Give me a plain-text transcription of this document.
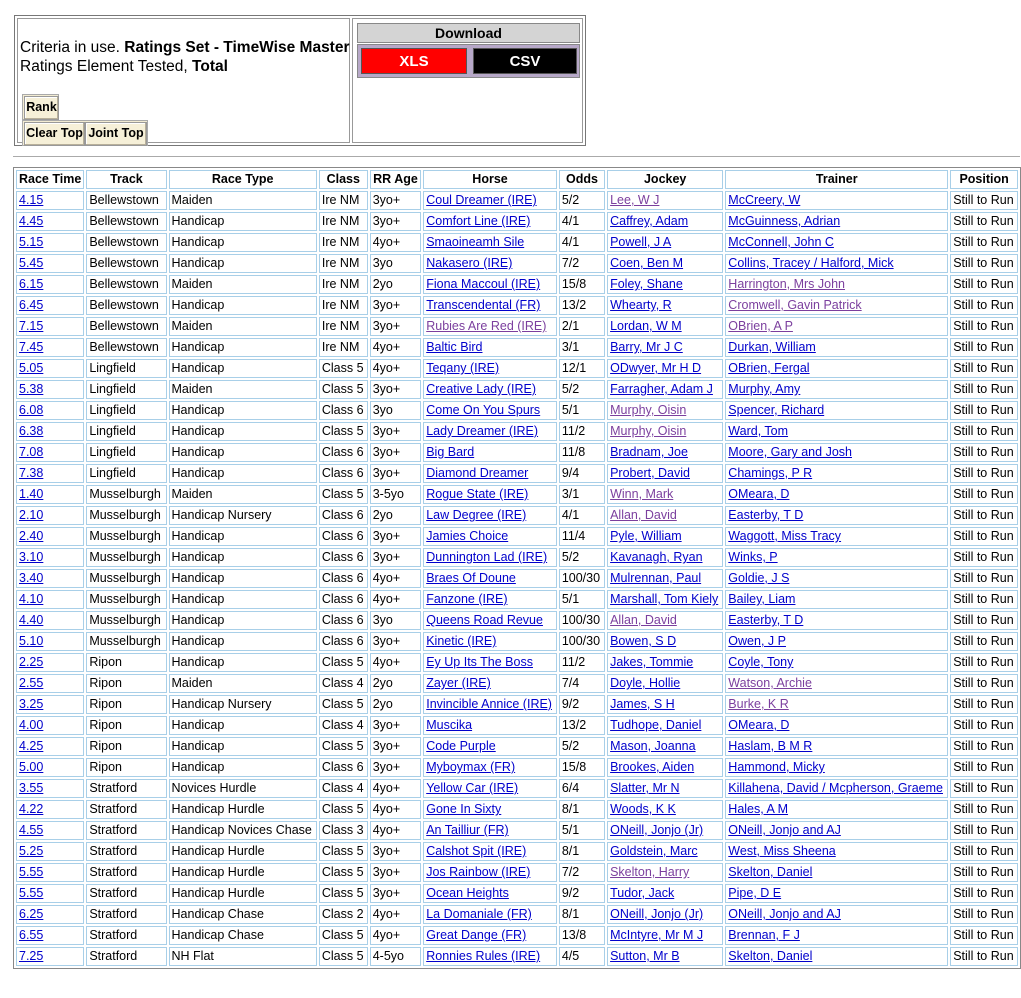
Criteria in use. Ratings Set - TimeWise Master
Ratings Element Tested, Total
Rank
Clear Top Joint Top
Download
XLS	CSV
Race Time	Track	Race Type	Class	RR Age	Horse	Odds	Jockey	Trainer	Position
4.15	Bellewstown	Maiden	Ire NM	3yo+	Coul Dreamer (IRE)	5/2	Lee, W J	McCreery, W	Still to Run
4.45	Bellewstown	Handicap	Ire NM	3yo+	Comfort Line (IRE)	4/1	Caffrey, Adam	McGuinness, Adrian	Still to Run
5.15	Bellewstown	Handicap	Ire NM	4yo+	Smaoineamh Sile	4/1	Powell, J A	McConnell, John C	Still to Run
5.45	Bellewstown	Handicap	Ire NM	3yo	Nakasero (IRE)	7/2	Coen, Ben M	Collins, Tracey / Halford, Mick	Still to Run
6.15	Bellewstown	Maiden	Ire NM	2yo	Fiona Maccoul (IRE)	15/8	Foley, Shane	Harrington, Mrs John	Still to Run
6.45	Bellewstown	Handicap	Ire NM	3yo+	Transcendental (FR)	13/2	Whearty, R	Cromwell, Gavin Patrick	Still to Run
7.15	Bellewstown	Maiden	Ire NM	3yo+	Rubies Are Red (IRE)	2/1	Lordan, W M	OBrien, A P	Still to Run
7.45	Bellewstown	Handicap	Ire NM	4yo+	Baltic Bird	3/1	Barry, Mr J C	Durkan, William	Still to Run
5.05	Lingfield	Handicap	Class 5	4yo+	Teqany (IRE)	12/1	ODwyer, Mr H D	OBrien, Fergal	Still to Run
5.38	Lingfield	Maiden	Class 5	3yo+	Creative Lady (IRE)	5/2	Farragher, Adam J	Murphy, Amy	Still to Run
6.08	Lingfield	Handicap	Class 6	3yo	Come On You Spurs	5/1	Murphy, Oisin	Spencer, Richard	Still to Run
6.38	Lingfield	Handicap	Class 5	3yo+	Lady Dreamer (IRE)	11/2	Murphy, Oisin	Ward, Tom	Still to Run
7.08	Lingfield	Handicap	Class 6	3yo+	Big Bard	11/8	Bradnam, Joe	Moore, Gary and Josh	Still to Run
7.38	Lingfield	Handicap	Class 6	3yo+	Diamond Dreamer	9/4	Probert, David	Chamings, P R	Still to Run
1.40	Musselburgh	Maiden	Class 5	3-5yo	Rogue State (IRE)	3/1	Winn, Mark	OMeara, D	Still to Run
2.10	Musselburgh	Handicap Nursery	Class 6	2yo	Law Degree (IRE)	4/1	Allan, David	Easterby, T D	Still to Run
2.40	Musselburgh	Handicap	Class 6	3yo+	Jamies Choice	11/4	Pyle, William	Waggott, Miss Tracy	Still to Run
3.10	Musselburgh	Handicap	Class 6	3yo+	Dunnington Lad (IRE)	5/2	Kavanagh, Ryan	Winks, P	Still to Run
3.40	Musselburgh	Handicap	Class 6	4yo+	Braes Of Doune	100/30	Mulrennan, Paul	Goldie, J S	Still to Run
4.10	Musselburgh	Handicap	Class 6	4yo+	Fanzone (IRE)	5/1	Marshall, Tom Kiely	Bailey, Liam	Still to Run
4.40	Musselburgh	Handicap	Class 6	3yo	Queens Road Revue	100/30	Allan, David	Easterby, T D	Still to Run
5.10	Musselburgh	Handicap	Class 6	3yo+	Kinetic (IRE)	100/30	Bowen, S D	Owen, J P	Still to Run
2.25	Ripon	Handicap	Class 5	4yo+	Ey Up Its The Boss	11/2	Jakes, Tommie	Coyle, Tony	Still to Run
2.55	Ripon	Maiden	Class 4	2yo	Zayer (IRE)	7/4	Doyle, Hollie	Watson, Archie	Still to Run
3.25	Ripon	Handicap Nursery	Class 5	2yo	Invincible Annice (IRE)	9/2	James, S H	Burke, K R	Still to Run
4.00	Ripon	Handicap	Class 4	3yo+	Muscika	13/2	Tudhope, Daniel	OMeara, D	Still to Run
4.25	Ripon	Handicap	Class 5	3yo+	Code Purple	5/2	Mason, Joanna	Haslam, B M R	Still to Run
5.00	Ripon	Handicap	Class 6	3yo+	Myboymax (FR)	15/8	Brookes, Aiden	Hammond, Micky	Still to Run
3.55	Stratford	Novices Hurdle	Class 4	4yo+	Yellow Car (IRE)	6/4	Slatter, Mr N	Killahena, David / Mcpherson, Graeme	Still to Run
4.22	Stratford	Handicap Hurdle	Class 5	4yo+	Gone In Sixty	8/1	Woods, K K	Hales, A M	Still to Run
4.55	Stratford	Handicap Novices Chase	Class 3	4yo+	An Tailliur (FR)	5/1	ONeill, Jonjo (Jr)	ONeill, Jonjo and AJ	Still to Run
5.25	Stratford	Handicap Hurdle	Class 5	3yo+	Calshot Spit (IRE)	8/1	Goldstein, Marc	West, Miss Sheena	Still to Run
5.55	Stratford	Handicap Hurdle	Class 5	3yo+	Jos Rainbow (IRE)	7/2	Skelton, Harry	Skelton, Daniel	Still to Run
5.55	Stratford	Handicap Hurdle	Class 5	3yo+	Ocean Heights	9/2	Tudor, Jack	Pipe, D E	Still to Run
6.25	Stratford	Handicap Chase	Class 2	4yo+	La Domaniale (FR)	8/1	ONeill, Jonjo (Jr)	ONeill, Jonjo and AJ	Still to Run
6.55	Stratford	Handicap Chase	Class 5	4yo+	Great Dange (FR)	13/8	McIntyre, Mr M J	Brennan, F J	Still to Run
7.25	Stratford	NH Flat	Class 5	4-5yo	Ronnies Rules (IRE)	4/5	Sutton, Mr B	Skelton, Daniel	Still to Run
